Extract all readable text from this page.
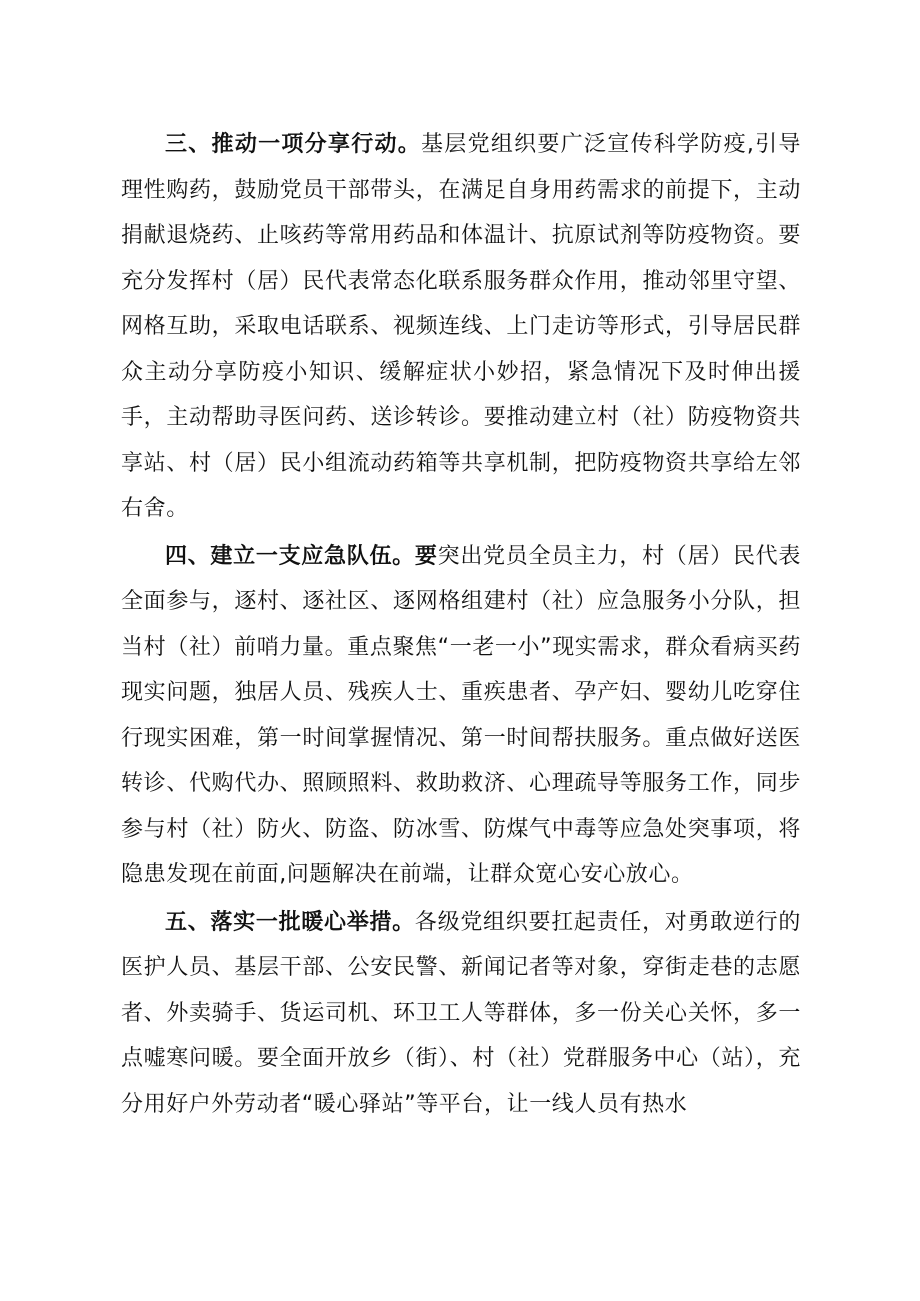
三、推动一项分享行动。基层党组织要广泛宣传科学防疫,引导理性购药，鼓励党员干部带头，在满足自身用药需求的前提下，主动捐献退烧药、止咳药等常用药品和体温计、抗原试剂等防疫物资。要充分发挥村（居）民代表常态化联系服务群众作用，推动邻里守望、网格互助，采取电话联系、视频连线、上门走访等形式，引导居民群众主动分享防疫小知识、缓解症状小妙招，紧急情况下及时伸出援手，主动帮助寻医问药、送诊转诊。要推动建立村（社）防疫物资共享站、村（居）民小组流动药箱等共享机制，把防疫物资共享给左邻右舍。

四、建立一支应急队伍。要突出党员全员主力，村（居）民代表全面参与，逐村、逐社区、逐网格组建村（社）应急服务小分队，担当村（社）前哨力量。重点聚焦“一老一小”现实需求，群众看病买药现实问题，独居人员、残疾人士、重疾患者、孕产妇、婴幼儿吃穿住行现实困难，第一时间掌握情况、第一时间帮扶服务。重点做好送医转诊、代购代办、照顾照料、救助救济、心理疏导等服务工作，同步参与村（社）防火、防盗、防冰雪、防煤气中毒等应急处突事项，将隐患发现在前面,问题解决在前端，让群众宽心安心放心。

五、落实一批暖心举措。各级党组织要扛起责任，对勇敢逆行的医护人员、基层干部、公安民警、新闻记者等对象，穿街走巷的志愿者、外卖骑手、货运司机、环卫工人等群体，多一份关心关怀，多一点嘘寒问暖。要全面开放乡（街）、村（社）党群服务中心（站），充分用好户外劳动者“暖心驿站”等平台，让一线人员有热水
